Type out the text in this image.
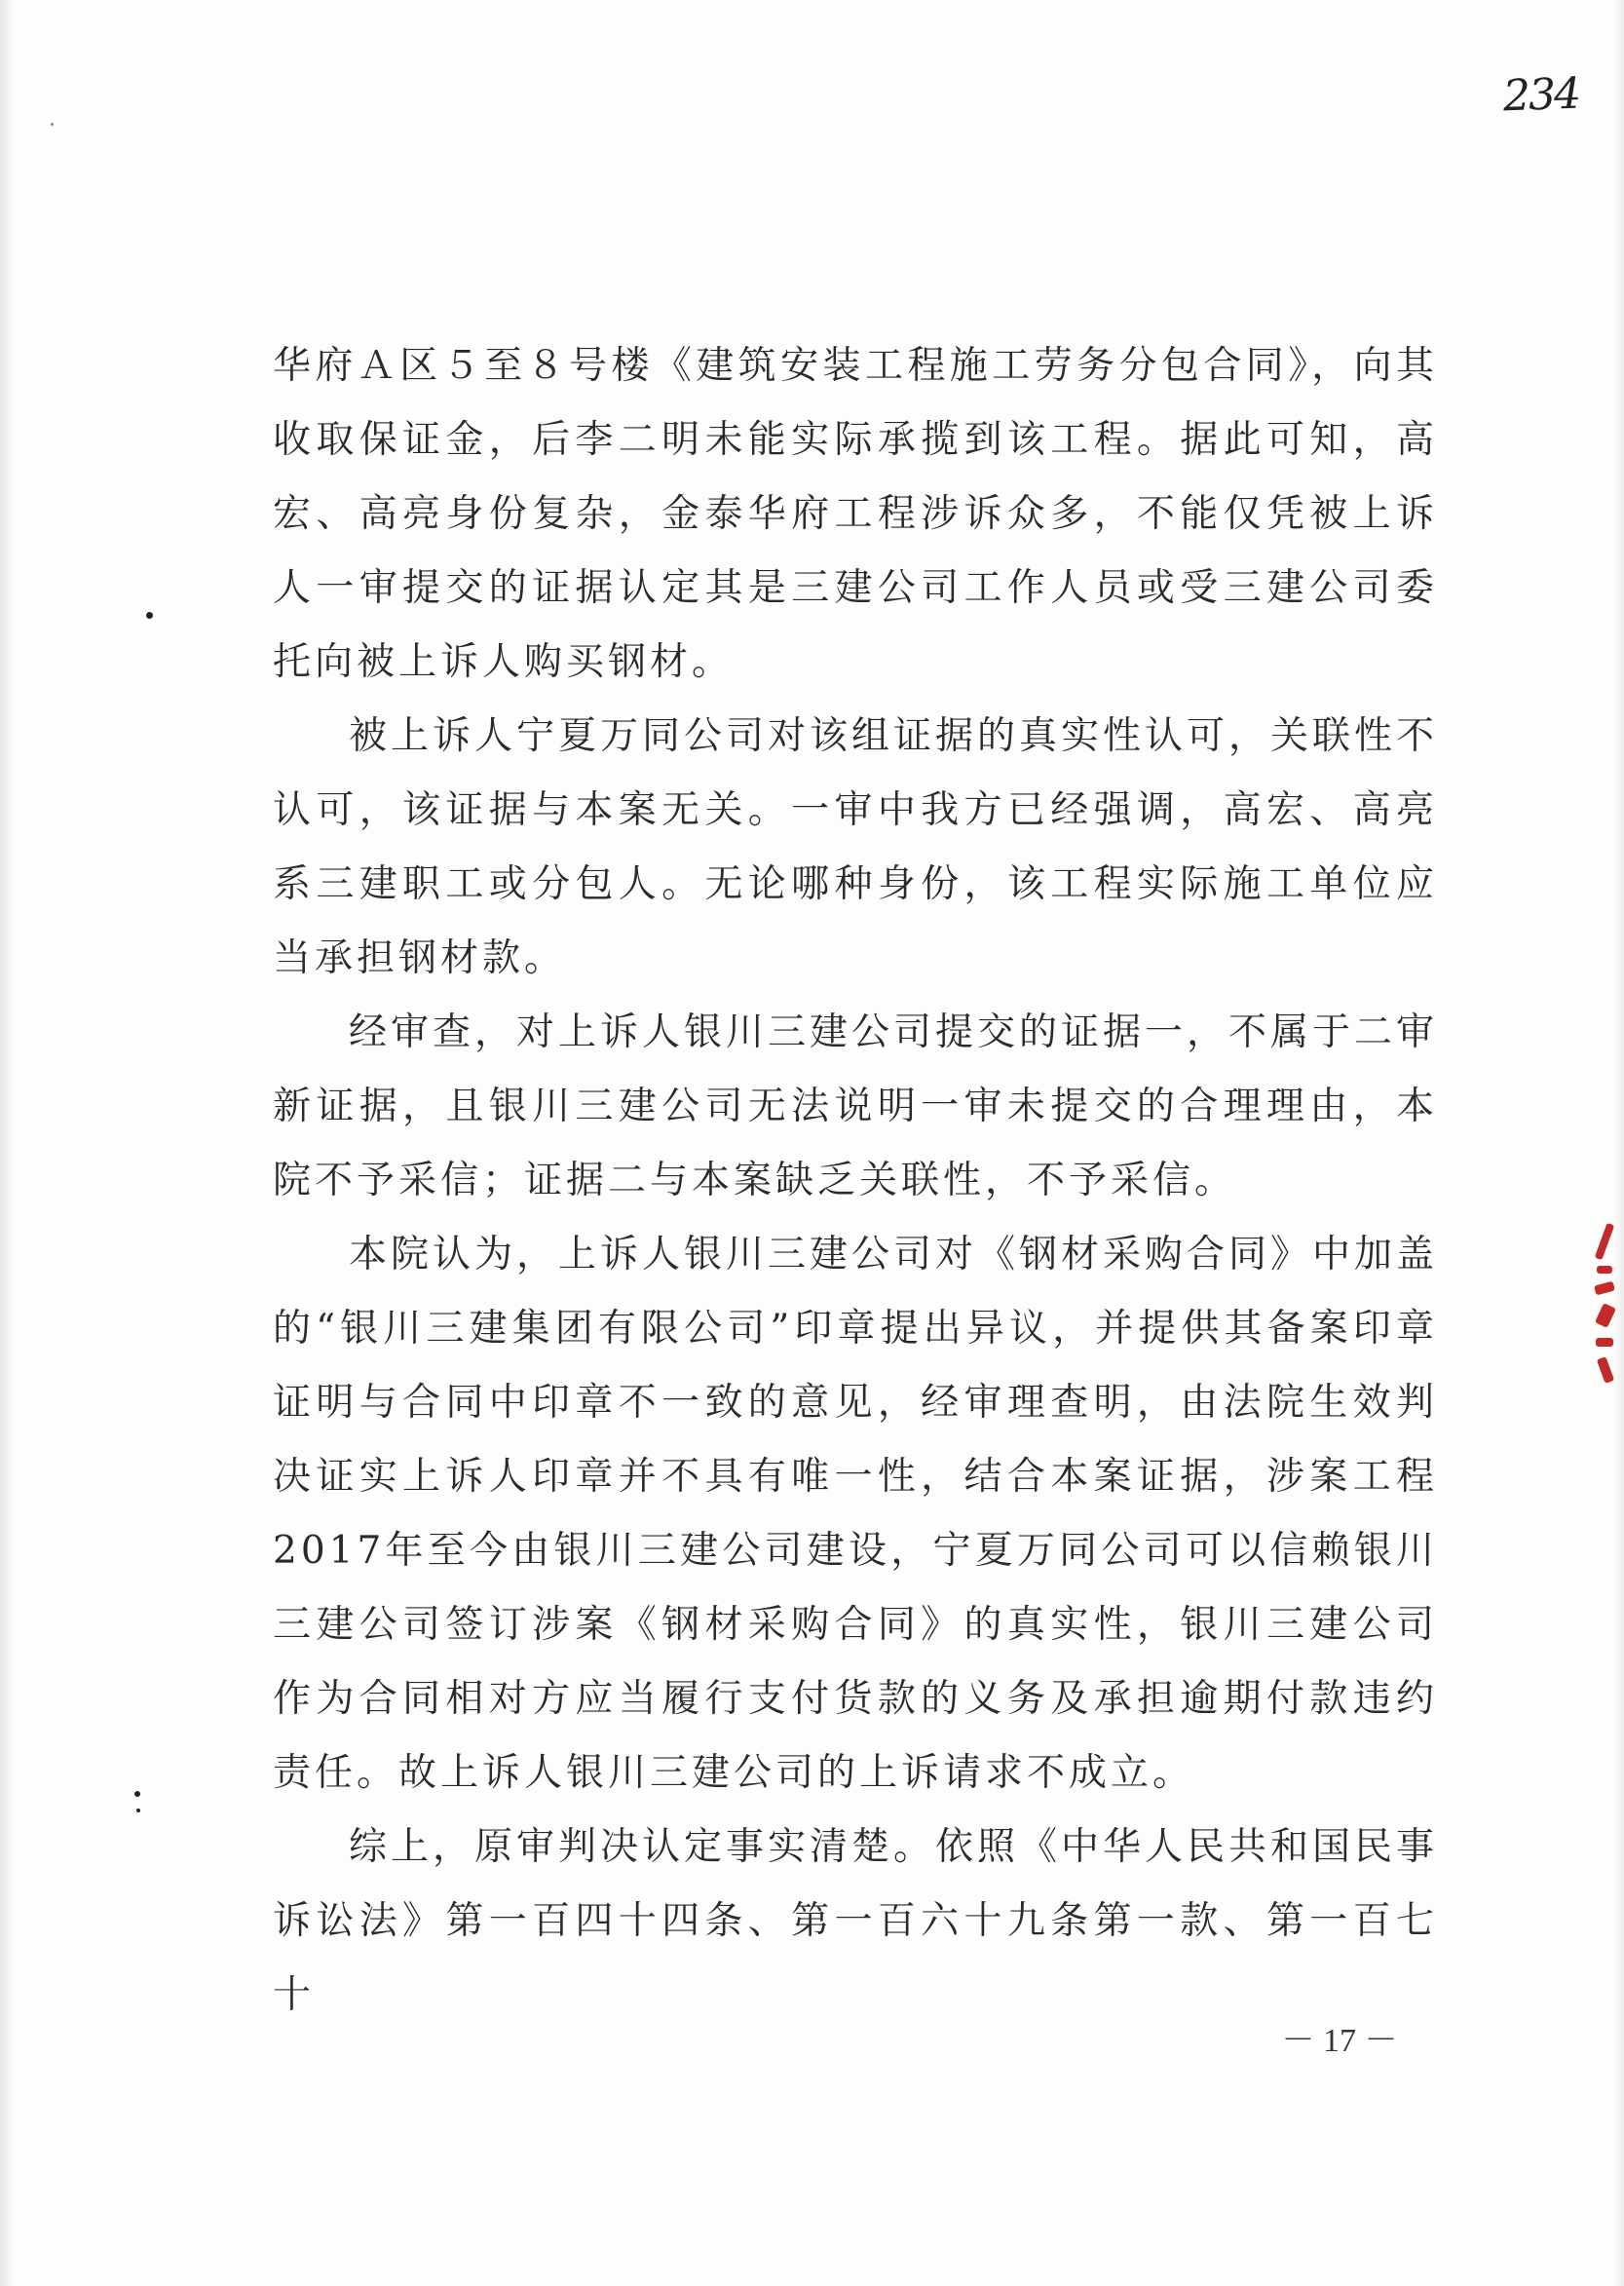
234

华府Ａ区５至８号楼《建筑安装工程施工劳务分包合同》，向其收取保证金，后李二明未能实际承揽到该工程。据此可知，高宏、高亮身份复杂，金泰华府工程涉诉众多，不能仅凭被上诉人一审提交的证据认定其是三建公司工作人员或受三建公司委托向被上诉人购买钢材。

被上诉人宁夏万同公司对该组证据的真实性认可，关联性不认可，该证据与本案无关。一审中我方已经强调，高宏、高亮系三建职工或分包人。无论哪种身份，该工程实际施工单位应当承担钢材款。

经审查，对上诉人银川三建公司提交的证据一，不属于二审新证据，且银川三建公司无法说明一审未提交的合理理由，本院不予采信；证据二与本案缺乏关联性，不予采信。

本院认为，上诉人银川三建公司对《钢材采购合同》中加盖的“银川三建集团有限公司”印章提出异议，并提供其备案印章证明与合同中印章不一致的意见，经审理查明，由法院生效判决证实上诉人印章并不具有唯一性，结合本案证据，涉案工程2017年至今由银川三建公司建设，宁夏万同公司可以信赖银川三建公司签订涉案《钢材采购合同》的真实性，银川三建公司作为合同相对方应当履行支付货款的义务及承担逾期付款违约责任。故上诉人银川三建公司的上诉请求不成立。

综上，原审判决认定事实清楚。依照《中华人民共和国民事诉讼法》第一百四十四条、第一百六十九条第一款、第一百七十

－ 17 －
